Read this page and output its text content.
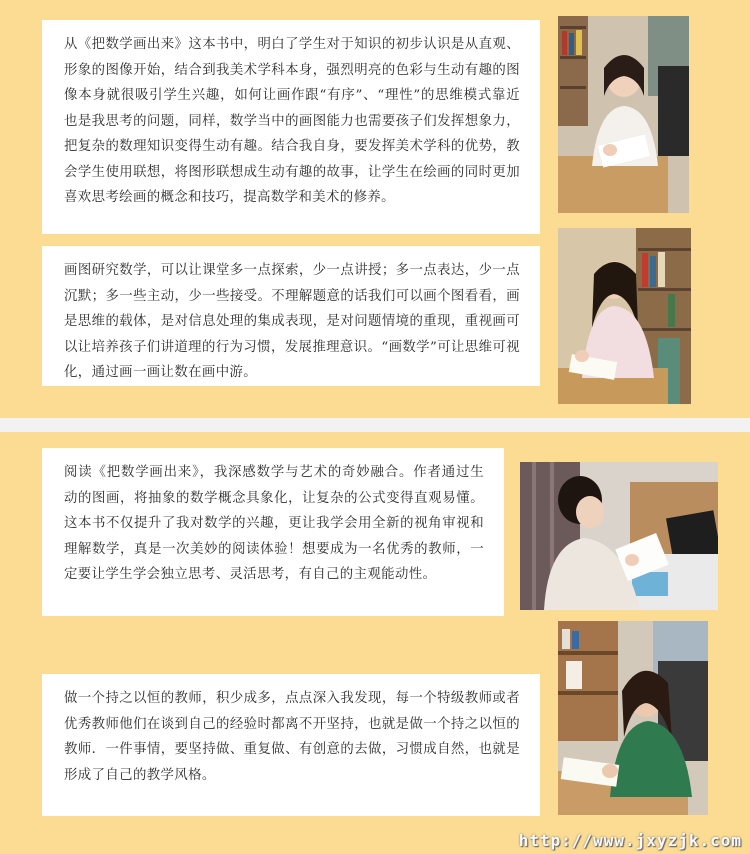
从《把数学画出来》这本书中，明白了学生对于知识的初步认识是从直观、形象的图像开始，结合到我美术学科本身，强烈明亮的色彩与生动有趣的图像本身就很吸引学生兴趣，如何让画作跟“有序”、“理性”的思维模式靠近也是我思考的问题，同样，数学当中的画图能力也需要孩子们发挥想象力，把复杂的数理知识变得生动有趣。结合我自身，要发挥美术学科的优势，教会学生使用联想，将图形联想成生动有趣的故事，让学生在绘画的同时更加喜欢思考绘画的概念和技巧，提高数学和美术的修养。

画图研究数学，可以让课堂多一点探索，少一点讲授；多一点表达，少一点沉默；多一些主动，少一些接受。不理解题意的话我们可以画个图看看，画是思维的载体，是对信息处理的集成表现，是对问题情境的重现，重视画可以让培养孩子们讲道理的行为习惯，发展推理意识。“画数学”可让思维可视化，通过画一画让数在画中游。

阅读《把数学画出来》，我深感数学与艺术的奇妙融合。作者通过生动的图画，将抽象的数学概念具象化，让复杂的公式变得直观易懂。这本书不仅提升了我对数学的兴趣，更让我学会用全新的视角审视和理解数学，真是一次美妙的阅读体验！想要成为一名优秀的教师，一定要让学生学会独立思考、灵活思考，有自己的主观能动性。

做一个持之以恒的教师，积少成多，点点深入我发现，每一个特级教师或者优秀教师他们在谈到自己的经验时都离不开坚持，也就是做一个持之以恒的教师．一件事情，要坚持做、重复做、有创意的去做，习惯成自然，也就是形成了自己的教学风格。

http://www.jxyzjk.com
